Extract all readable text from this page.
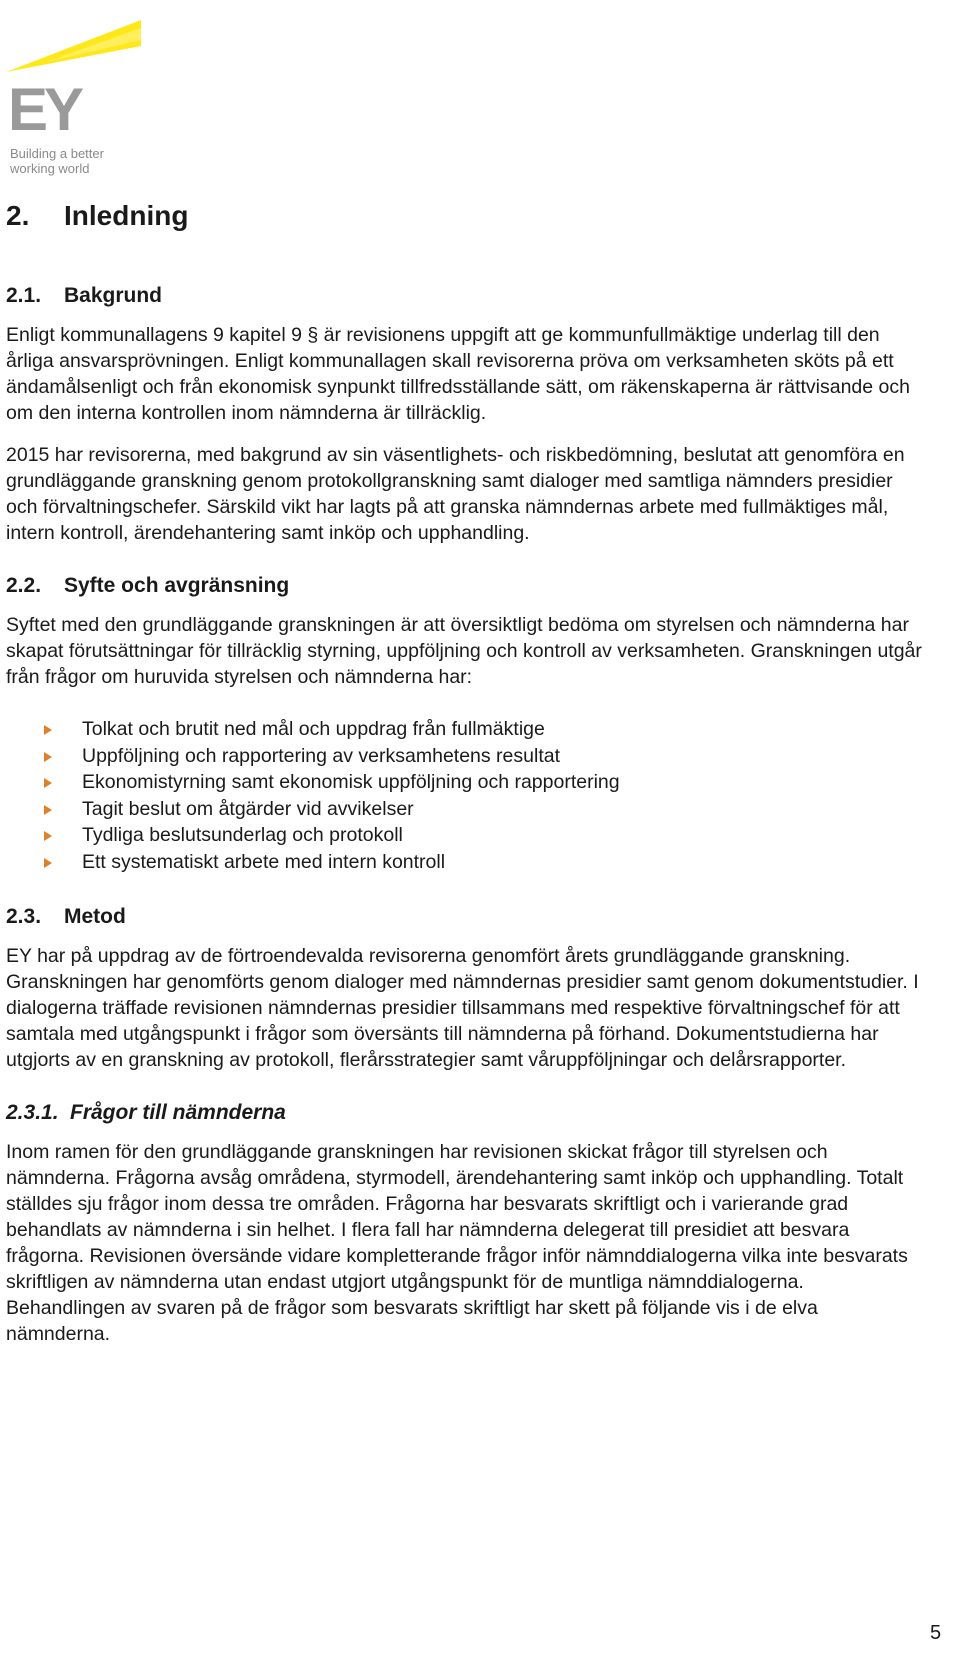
EY
Building a better
working world
2. Inledning
2.1. Bakgrund

Enligt kommunallagens 9 kapitel 9 § är revisionens uppgift att ge kommunfullmäktige underlag till den årliga ansvarsprövningen. Enligt kommunallagen skall revisorerna pröva om verksamheten sköts på ett ändamålsenligt och från ekonomisk synpunkt tillfredsställande sätt, om räkenskaperna är rättvisande och om den interna kontrollen inom nämnderna är tillräcklig.

2015 har revisorerna, med bakgrund av sin väsentlighets- och riskbedömning, beslutat att genomföra en grundläggande granskning genom protokollgranskning samt dialoger med samtliga nämnders presidier och förvaltningschefer. Särskild vikt har lagts på att granska nämndernas arbete med fullmäktiges mål, intern kontroll, ärendehantering samt inköp och upphandling.

2.2. Syfte och avgränsning

Syftet med den grundläggande granskningen är att översiktligt bedöma om styrelsen och nämnderna har skapat förutsättningar för tillräcklig styrning, uppföljning och kontroll av verksamheten. Granskningen utgår från frågor om huruvida styrelsen och nämnderna har:

Tolkat och brutit ned mål och uppdrag från fullmäktige
Uppföljning och rapportering av verksamhetens resultat
Ekonomistyrning samt ekonomisk uppföljning och rapportering
Tagit beslut om åtgärder vid avvikelser
Tydliga beslutsunderlag och protokoll
Ett systematiskt arbete med intern kontroll
2.3. Metod

EY har på uppdrag av de förtroendevalda revisorerna genomfört årets grundläggande granskning. Granskningen har genomförts genom dialoger med nämndernas presidier samt genom dokumentstudier. I dialogerna träffade revisionen nämndernas presidier tillsammans med respektive förvaltningschef för att samtala med utgångspunkt i frågor som översänts till nämnderna på förhand. Dokumentstudierna har utgjorts av en granskning av protokoll, flerårsstrategier samt våruppföljningar och delårsrapporter.

2.3.1. Frågor till nämnderna

Inom ramen för den grundläggande granskningen har revisionen skickat frågor till styrelsen och nämnderna. Frågorna avsåg områdena, styrmodell, ärendehantering samt inköp och upphandling. Totalt ställdes sju frågor inom dessa tre områden. Frågorna har besvarats skriftligt och i varierande grad behandlats av nämnderna i sin helhet. I flera fall har nämnderna delegerat till presidiet att besvara frågorna. Revisionen översände vidare kompletterande frågor inför nämnddialogerna vilka inte besvarats skriftligen av nämnderna utan endast utgjort utgångspunkt för de muntliga nämnddialogerna. Behandlingen av svaren på de frågor som besvarats skriftligt har skett på följande vis i de elva nämnderna.

5
